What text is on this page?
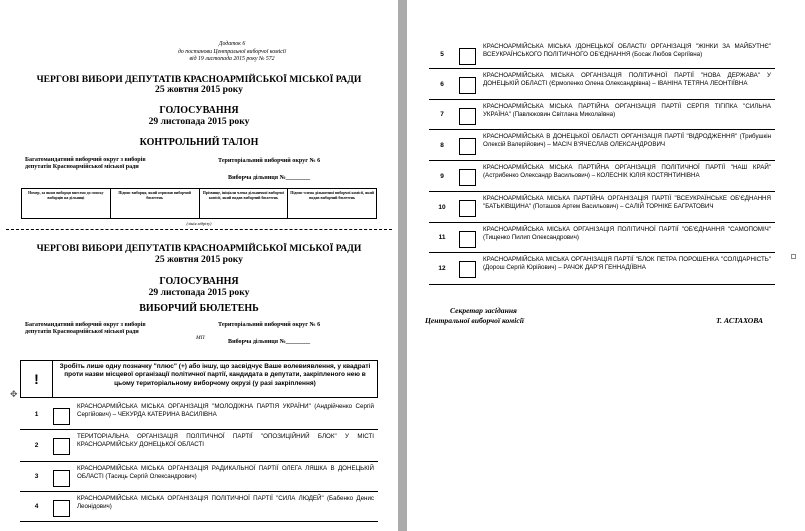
Додаток 6
до постанови Центральної виборчої комісії
від 19 листопада 2015 року № 572
ЧЕРГОВІ ВИБОРИ ДЕПУТАТІВ КРАСНОАРМІЙСЬКОЇ МІСЬКОЇ РАДИ
25 жовтня 2015 року
ГОЛОСУВАННЯ
29 листопада 2015 року
КОНТРОЛЬНИЙ ТАЛОН
Багатомандатний виборчий округ з виборів
депутатів Красноармійської міської ради
Територіальний виборчий округ № 6
Виборча дільниця №________
Номер, за яким виборця внесено до списку виборців на дільниці
Підпис виборця, який отримав виборчий бюлетень
Прізвище, ініціали члена дільничної виборчої комісії, який видав виборчий бюлетень
Підпис члена дільничної виборчої комісії, який видав виборчий бюлетень
(лінія відрізу)
ЧЕРГОВІ ВИБОРИ ДЕПУТАТІВ КРАСНОАРМІЙСЬКОЇ МІСЬКОЇ РАДИ
25 жовтня 2015 року
ГОЛОСУВАННЯ
29 листопада 2015 року
ВИБОРЧИЙ БЮЛЕТЕНЬ
Багатомандатний виборчий округ з виборів
депутатів Красноармійської міської ради
Територіальний виборчий округ № 6
МП
Виборча дільниця №________
!
Зробіть лише одну позначку "плюс" (+) або іншу, що засвідчує Ваше волевиявлення, у квадраті проти назви місцевої організації політичної партії, кандидата в депутати, закріпленого нею в цьому територіальному виборчому окрузі (у разі закріплення)
✥
1
КРАСНОАРМІЙСЬКА МІСЬКА ОРГАНІЗАЦІЯ "МОЛОДІЖНА ПАРТІЯ УКРАЇНИ" (Андрійченко Сергій Сергійович) – ЧЕКУРДА КАТЕРИНА ВАСИЛІВНА
2
ТЕРИТОРІАЛЬНА ОРГАНІЗАЦІЯ ПОЛІТИЧНОЇ ПАРТІЇ "ОПОЗИЦІЙНИЙ БЛОК" У МІСТІ КРАСНОАРМІЙСЬКУ ДОНЕЦЬКОЇ ОБЛАСТІ
3
КРАСНОАРМІЙСЬКА МІСЬКА ОРГАНІЗАЦІЯ РАДИКАЛЬНОЇ ПАРТІЇ ОЛЕГА ЛЯШКА В ДОНЕЦЬКІЙ ОБЛАСТІ (Тасиць Сергій Олександрович)
4
КРАСНОАРМІЙСЬКА МІСЬКА ОРГАНІЗАЦІЯ ПОЛІТИЧНОЇ ПАРТІЇ "СИЛА ЛЮДЕЙ" (Бабенко Денис Леонідович)
5
КРАСНОАРМІЙСЬКА МІСЬКА /ДОНЕЦЬКОЇ ОБЛАСТІ/ ОРГАНІЗАЦІЯ "ЖІНКИ ЗА МАЙБУТНЄ" ВСЕУКРАЇНСЬКОГО ПОЛІТИЧНОГО ОБ'ЄДНАННЯ (Босак Любов Сергіївна)
6
КРАСНОАРМІЙСЬКА МІСЬКА ОРГАНІЗАЦІЯ ПОЛІТИЧНОЇ ПАРТІЇ "НОВА ДЕРЖАВА" У ДОНЕЦЬКІЙ ОБЛАСТІ (Єрмоленко Олена Олександрівна) – ІВАНІНА ТЕТЯНА ЛЕОНТІЇВНА
7
КРАСНОАРМІЙСЬКА МІСЬКА ПАРТІЙНА ОРГАНІЗАЦІЯ ПАРТІЇ СЕРГІЯ ТІГІПКА "СИЛЬНА УКРАЇНА" (Павлюковин Світлана Миколаївна)
8
КРАСНОАРМІЙСЬКА В ДОНЕЦЬКОЇ ОБЛАСТІ ОРГАНІЗАЦІЯ ПАРТІЇ "ВІДРОДЖЕННЯ" (Трибушкін Олексій Валерійович) – МАСІЧ В'ЯЧЕСЛАВ ОЛЕКСАНДРОВИЧ
9
КРАСНОАРМІЙСЬКА МІСЬКА ПАРТІЙНА ОРГАНІЗАЦІЯ ПОЛІТИЧНОЇ ПАРТІЇ "НАШ КРАЙ" (Астрибенко Олександр Васильович) – КОЛЕСНІК ЮЛІЯ КОСТЯНТИНІВНА
10
КРАСНОАРМІЙСЬКА МІСЬКА ПАРТІЙНА ОРГАНІЗАЦІЯ ПАРТІЇ "ВСЕУКРАЇНСЬКЕ ОБ'ЄДНАННЯ "БАТЬКІВЩИНА" (Поташов Артем Васильович) – САЛІЙ ТОРНІКЕ БАГРАТОВИЧ
11
КРАСНОАРМІЙСЬКА МІСЬКА ОРГАНІЗАЦІЯ ПОЛІТИЧНОЇ ПАРТІЇ "ОБ'ЄДНАННЯ "САМОПОМІЧ" (Тищенко Пилип Олександрович)
12
КРАСНОАРМІЙСЬКА МІСЬКА ОРГАНІЗАЦІЯ ПАРТІЇ "БЛОК ПЕТРА ПОРОШЕНКА "СОЛІДАРНІСТЬ" (Дорош Сергій Юрійович) – РАЧОК ДАР'Я ГЕННАДІЇВНА
Секретар засідання
Центральної виборчої комісії	Т. АСТАХОВА
